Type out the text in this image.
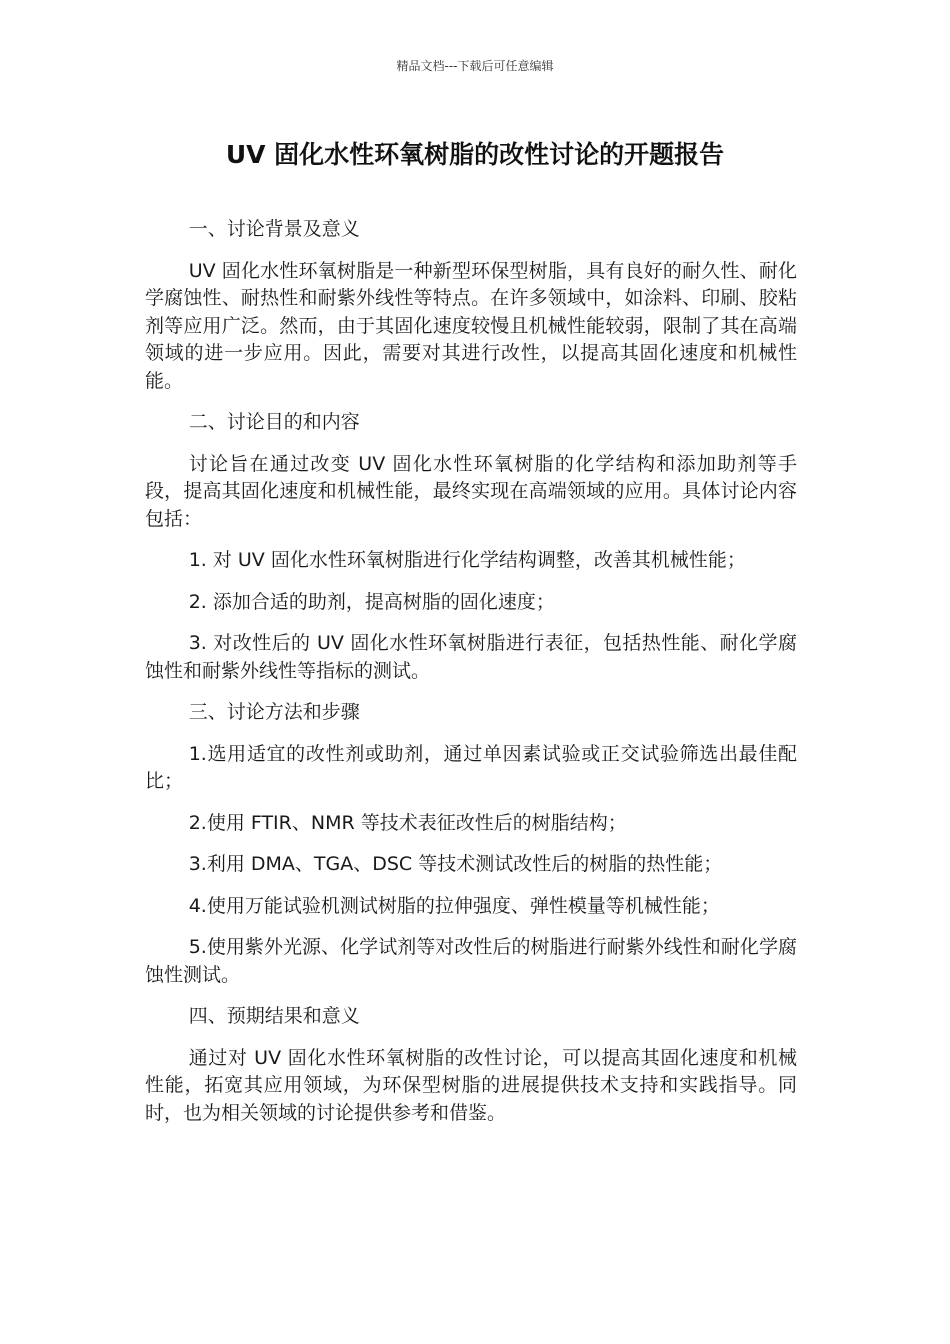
精品文档---下载后可任意编辑
UV 固化水性环氧树脂的改性讨论的开题报告

一、讨论背景及意义

UV 固化水性环氧树脂是一种新型环保型树脂，具有良好的耐久性、耐化学腐蚀性、耐热性和耐紫外线性等特点。在许多领域中，如涂料、印刷、胶粘剂等应用广泛。然而，由于其固化速度较慢且机械性能较弱，限制了其在高端领域的进一步应用。因此，需要对其进行改性，以提高其固化速度和机械性能。

二、讨论目的和内容

讨论旨在通过改变 UV 固化水性环氧树脂的化学结构和添加助剂等手段，提高其固化速度和机械性能，最终实现在高端领域的应用。具体讨论内容包括：

1. 对 UV 固化水性环氧树脂进行化学结构调整，改善其机械性能；

2. 添加合适的助剂，提高树脂的固化速度；

3. 对改性后的 UV 固化水性环氧树脂进行表征，包括热性能、耐化学腐蚀性和耐紫外线性等指标的测试。

三、讨论方法和步骤

1.选用适宜的改性剂或助剂，通过单因素试验或正交试验筛选出最佳配比；

2.使用 FTIR、NMR 等技术表征改性后的树脂结构；

3.利用 DMA、TGA、DSC 等技术测试改性后的树脂的热性能；

4.使用万能试验机测试树脂的拉伸强度、弹性模量等机械性能；

5.使用紫外光源、化学试剂等对改性后的树脂进行耐紫外线性和耐化学腐蚀性测试。

四、预期结果和意义

通过对 UV 固化水性环氧树脂的改性讨论，可以提高其固化速度和机械性能，拓宽其应用领域，为环保型树脂的进展提供技术支持和实践指导。同时，也为相关领域的讨论提供参考和借鉴。
